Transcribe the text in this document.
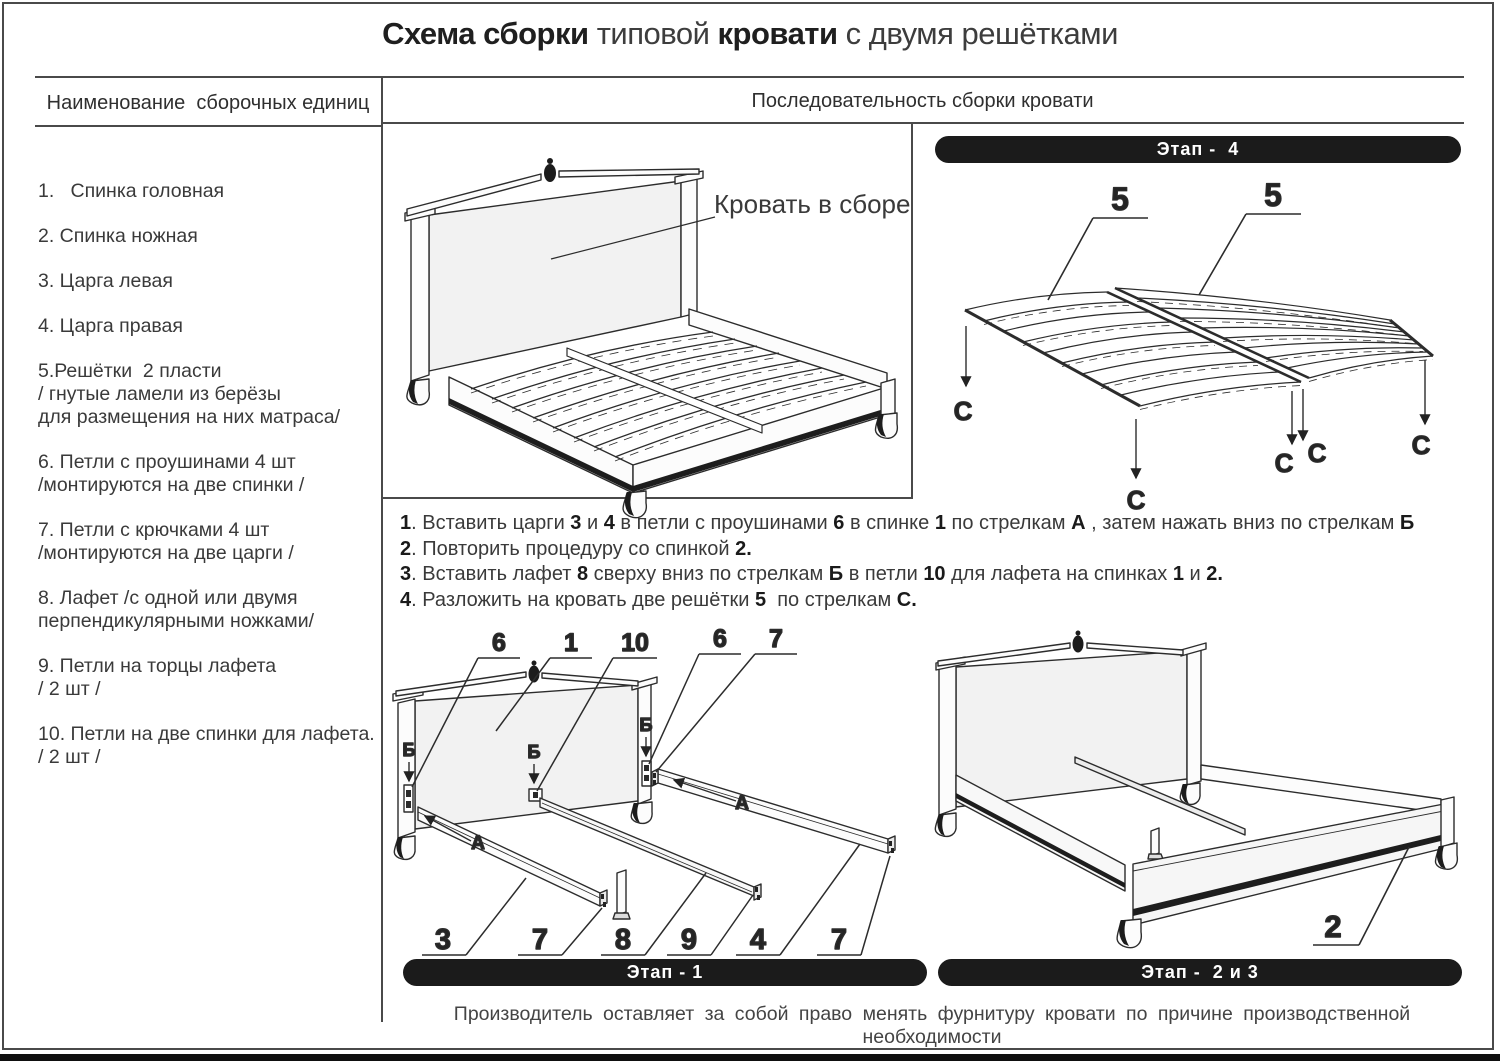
Схема сборки типовой кровати с двумя решётками
Наименование  сборочных единиц	Последовательность сборки кровати
1.   Спинка головная
2. Спинка ножная
3. Царга левая
4. Царга правая
5.Решётки  2 пласти
/ гнутые ламели из берёзы
для размещения на них матраса/
6. Петли с проушинами 4 шт
/монтируются на две спинки /
7. Петли с крючками 4 шт
/монтируются на две царги /
8. Лафет /с одной или двумя
перпендикулярными ножками/
9. Петли на торцы лафета
/ 2 шт /
10. Петли на две спинки для лафета.
/ 2 шт /
Кровать в сборе
Этап -  4
5	5
С
С
С С	С
1. Вставить царги 3 и 4 в петли с проушинами 6 в спинке 1 по стрелкам А , затем нажать вниз по стрелкам Б
2. Повторить процедуру со спинкой 2.
3. Вставить лафет 8 сверху вниз по стрелкам Б в петли 10 для лафета на спинках 1 и 2.
4. Разложить на кровать две решётки 5  по стрелкам С.
Б	Б
Б
А
А
6 1 10	6 7
3	7 8 9 4 7
Этап - 1
2
Этап -  2 и 3
Производитель оставляет за собой право менять фурнитуру кровати по причине производственной необходимости
